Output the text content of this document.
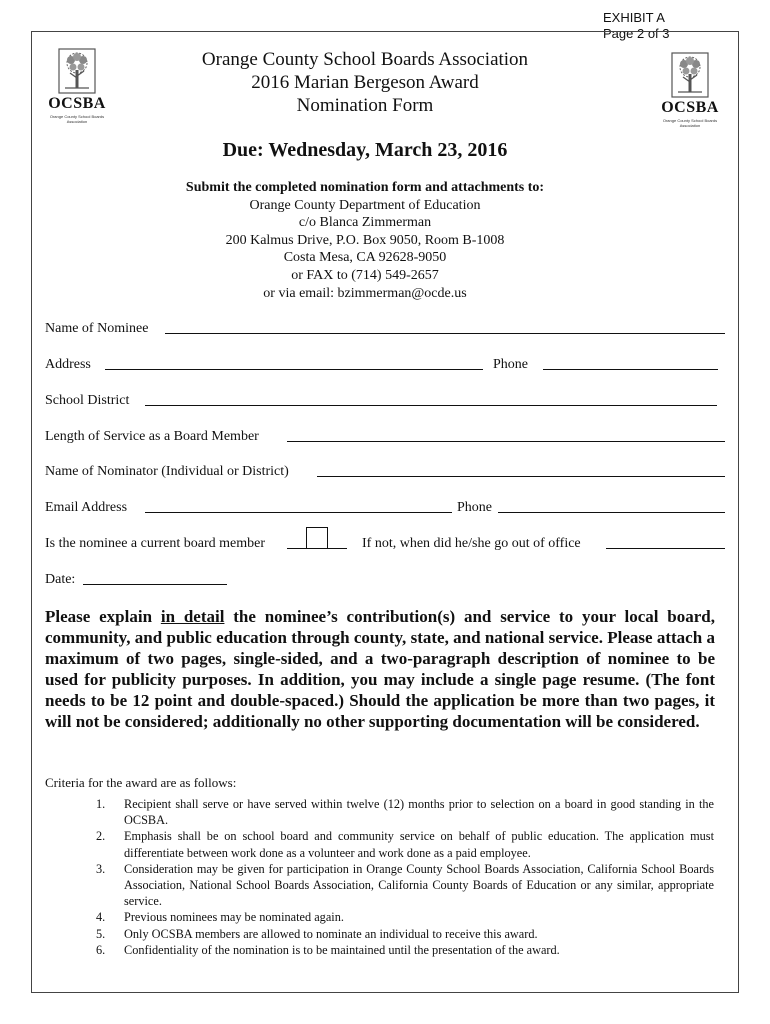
EXHIBIT A
Page 2 of 3
OCSBA
Orange County School Boards Association
OCSBA
Orange County School Boards Association
Orange County School Boards Association
2016 Marian Bergeson Award
Nomination Form
Due: Wednesday, March 23, 2016
Submit the completed nomination form and attachments to:
Orange County Department of Education
c/o Blanca Zimmerman
200 Kalmus Drive, P.O. Box 9050, Room B-1008
Costa Mesa, CA 92628-9050
or FAX to (714) 549-2657
or via email: bzimmerman@ocde.us
Name of Nominee
Address	Phone
School District
Length of Service as a Board Member
Name of Nominator (Individual or District)
Email Address	Phone
Is the nominee a current board member	If not, when did he/she go out of office
Date:
Please explain in detail the nominee’s contribution(s) and service to your local board, community, and public education through county, state, and national service. Please attach a maximum of two pages, single-sided, and a two-paragraph description of nominee to be used for publicity purposes. In addition, you may include a single page resume. (The font needs to be 12 point and double-spaced.) Should the application be more than two pages, it will not be considered; additionally no other supporting documentation will be considered.
Criteria for the award are as follows:
1.	Recipient shall serve or have served within twelve (12) months prior to selection on a board in good standing in the OCSBA.
2.	Emphasis shall be on school board and community service on behalf of public education. The application must differentiate between work done as a volunteer and work done as a paid employee.
3.	Consideration may be given for participation in Orange County School Boards Association, California School Boards Association, National School Boards Association, California County Boards of Education or any similar, appropriate service.
4.	Previous nominees may be nominated again.
5.	Only OCSBA members are allowed to nominate an individual to receive this award.
6.	Confidentiality of the nomination is to be maintained until the presentation of the award.
